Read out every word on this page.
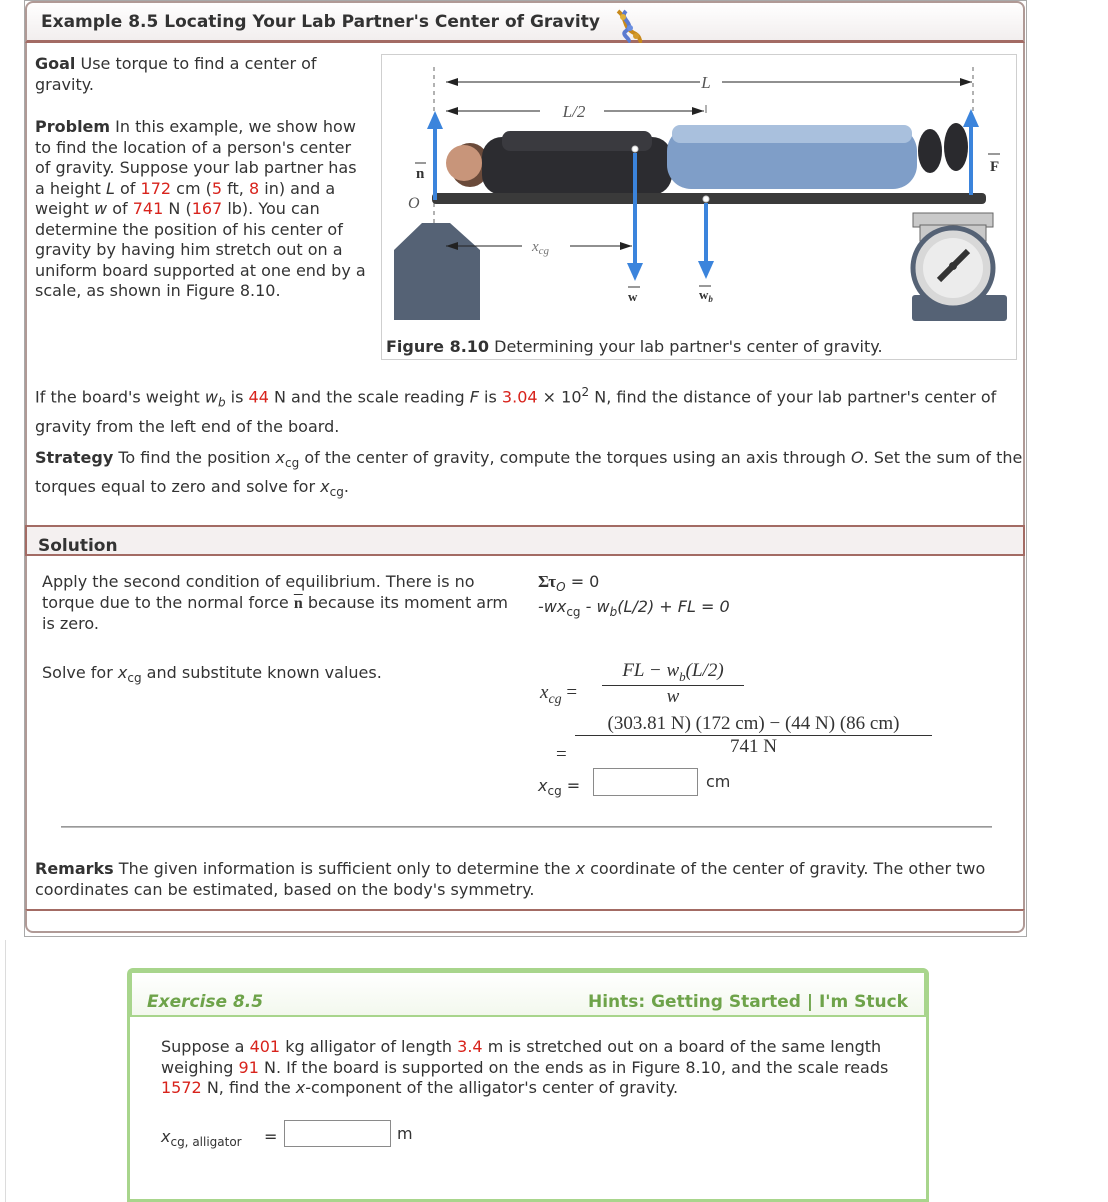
Example 8.5 Locating Your Lab Partner's Center of Gravity
Goal Use torque to find a center of gravity.
Problem In this example, we show how to find the location of a person's center of gravity. Suppose your lab partner has a height L of 172 cm (5 ft, 8 in) and a weight w of 741 N (167 lb). You can determine the position of his center of gravity by having him stretch out on a uniform board supported at one end by a scale, as shown in Figure 8.10.
L
L/2
n
O
F
$x_{cg}$
w	$w_b$
Figure 8.10 Determining your lab partner's center of gravity.
If the board's weight $w_b$ is 44 N and the scale reading F is $3.04 \times 10^2$ N, find the distance of your lab partner's center of gravity from the left end of the board.
Strategy To find the position $x_{cg}$ of the center of gravity, compute the torques using an axis through O. Set the sum of the torques equal to zero and solve for $x_{cg}$.
Solution
Apply the second condition of equilibrium. There is no torque due to the normal force $\overline{n}$ because its moment arm is zero.
$\Sigma\tau_O = 0$
$-wx_{cg} - w_b(L/2)$ + FL = 0
Solve for $x_{cg}$ and substitute known values.
$x_{cg} = \frac{FL - w_b(L/2)}{w}$
= $\frac{(303.81 N) (172 cm) - (44 N) (86 cm)}{741 N}$
$x_{cg}$ =	cm
Remarks The given information is sufficient only to determine the x coordinate of the center of gravity. The other two coordinates can be estimated, based on the body's symmetry.
Exercise 8.5	Hints: Getting Started | I'm Stuck
Suppose a 401 kg alligator of length 3.4 m is stretched out on a board of the same length weighing 91 N. If the board is supported on the ends as in Figure 8.10, and the scale reads 1572 N, find the x-component of the alligator's center of gravity.
$x_{cg, alligator}$ =	m
